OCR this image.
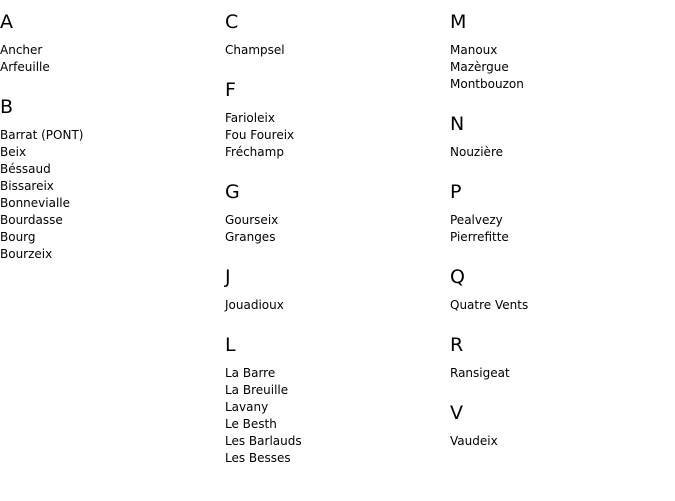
A
Ancher
Arfeuille
B
Barrat (PONT)
Beix
Béssaud
Bissareix
Bonnevialle
Bourdasse
Bourg
Bourzeix
C
Champsel
F
Farioleix
Fou Foureix
Fréchamp
G
Gourseix
Granges
J
Jouadioux
L
La Barre
La Breuille
Lavany
Le Besth
Les Barlauds
Les Besses
M
Manoux
Mazèrgue
Montbouzon
N
Nouzière
P
Pealvezy
Pierrefitte
Q
Quatre Vents
R
Ransigeat
V
Vaudeix
